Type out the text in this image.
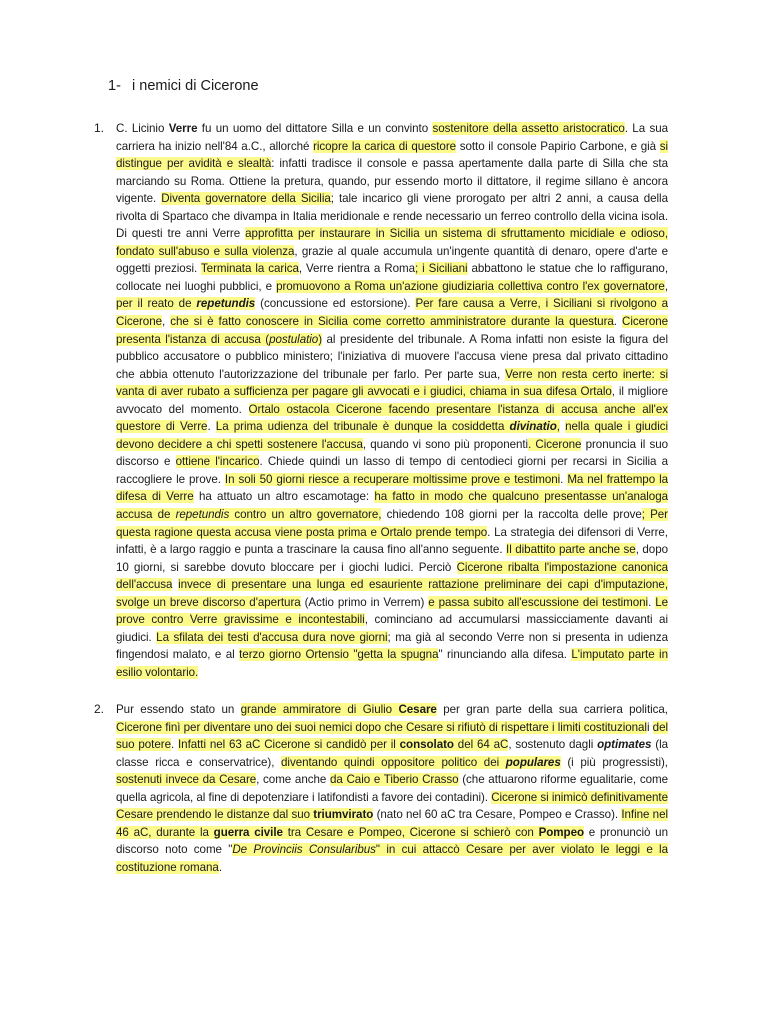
1- i nemici di Cicerone
1. C. Licinio Verre fu un uomo del dittatore Silla e un convinto sostenitore della assetto aristocratico. La sua carriera ha inizio nell'84 a.C., allorché ricopre la carica di questore sotto il console Papirio Carbone, e già si distingue per avidità e slealtà: infatti tradisce il console e passa apertamente dalla parte di Silla che sta marciando su Roma. Ottiene la pretura, quando, pur essendo morto il dittatore, il regime sillano è ancora vigente. Diventa governatore della Sicilia; tale incarico gli viene prorogato per altri 2 anni, a causa della rivolta di Spartaco che divampa in Italia meridionale e rende necessario un ferreo controllo della vicina isola. Di questi tre anni Verre approfitta per instaurare in Sicilia un sistema di sfruttamento micidiale e odioso, fondato sull'abuso e sulla violenza, grazie al quale accumula un'ingente quantità di denaro, opere d'arte e oggetti preziosi. Terminata la carica, Verre rientra a Roma; i Siciliani abbattono le statue che lo raffigurano, collocate nei luoghi pubblici, e promuovono a Roma un'azione giudiziaria collettiva contro l'ex governatore, per il reato de repetundis (concussione ed estorsione). Per fare causa a Verre, i Siciliani si rivolgono a Cicerone, che si è fatto conoscere in Sicilia come corretto amministratore durante la questura. Cicerone presenta l'istanza di accusa (postulatio) al presidente del tribunale. A Roma infatti non esiste la figura del pubblico accusatore o pubblico ministero; l'iniziativa di muovere l'accusa viene presa dal privato cittadino che abbia ottenuto l'autorizzazione del tribunale per farlo. Per parte sua, Verre non resta certo inerte: si vanta di aver rubato a sufficienza per pagare gli avvocati e i giudici, chiama in sua difesa Ortalo, il migliore avvocato del momento. Ortalo ostacola Cicerone facendo presentare l'istanza di accusa anche all'ex questore di Verre. La prima udienza del tribunale è dunque la cosiddetta divinatio, nella quale i giudici devono decidere a chi spetti sostenere l'accusa, quando vi sono più proponenti. Cicerone pronuncia il suo discorso e ottiene l'incarico. Chiede quindi un lasso di tempo di centodieci giorni per recarsi in Sicilia a raccogliere le prove. In soli 50 giorni riesce a recuperare moltissime prove e testimoni. Ma nel frattempo la difesa di Verre ha attuato un altro escamotage: ha fatto in modo che qualcuno presentasse un'analoga accusa de repetundis contro un altro governatore, chiedendo 108 giorni per la raccolta delle prove; Per questa ragione questa accusa viene posta prima e Ortalo prende tempo. La strategia dei difensori di Verre, infatti, è a largo raggio e punta a trascinare la causa fino all'anno seguente. Il dibattito parte anche se, dopo 10 giorni, si sarebbe dovuto bloccare per i giochi ludici. Perciò Cicerone ribalta l'impostazione canonica dell'accusa invece di presentare una lunga ed esauriente rattazione preliminare dei capi d'imputazione, svolge un breve discorso d'apertura (Actio primo in Verrem) e passa subito all'escussione dei testimoni. Le prove contro Verre gravissime e incontestabili, cominciano ad accumularsi massicciamente davanti ai giudici. La sfilata dei testi d'accusa dura nove giorni; ma già al secondo Verre non si presenta in udienza fingendosi malato, e al terzo giorno Ortensio "getta la spugna" rinunciando alla difesa. L'imputato parte in esilio volontario.

2. Pur essendo stato un grande ammiratore di Giulio Cesare per gran parte della sua carriera politica, Cicerone finì per diventare uno dei suoi nemici dopo che Cesare si rifiutò di rispettare i limiti costituzionali del suo potere. Infatti nel 63 aC Cicerone si candidò per il consolato del 64 aC, sostenuto dagli optimates (la classe ricca e conservatrice), diventando quindi oppositore politico dei populares (i più progressisti), sostenuti invece da Cesare, come anche da Caio e Tiberio Crasso (che attuarono riforme egualitarie, come quella agricola, al fine di depotenziare i latifondisti a favore dei contadini). Cicerone si inimicò definitivamente Cesare prendendo le distanze dal suo triumvirato (nato nel 60 aC tra Cesare, Pompeo e Crasso). Infine nel 46 aC, durante la guerra civile tra Cesare e Pompeo, Cicerone si schierò con Pompeo e pronunciò un discorso noto come "De Provinciis Consularibus" in cui attaccò Cesare per aver violato le leggi e la costituzione romana.
